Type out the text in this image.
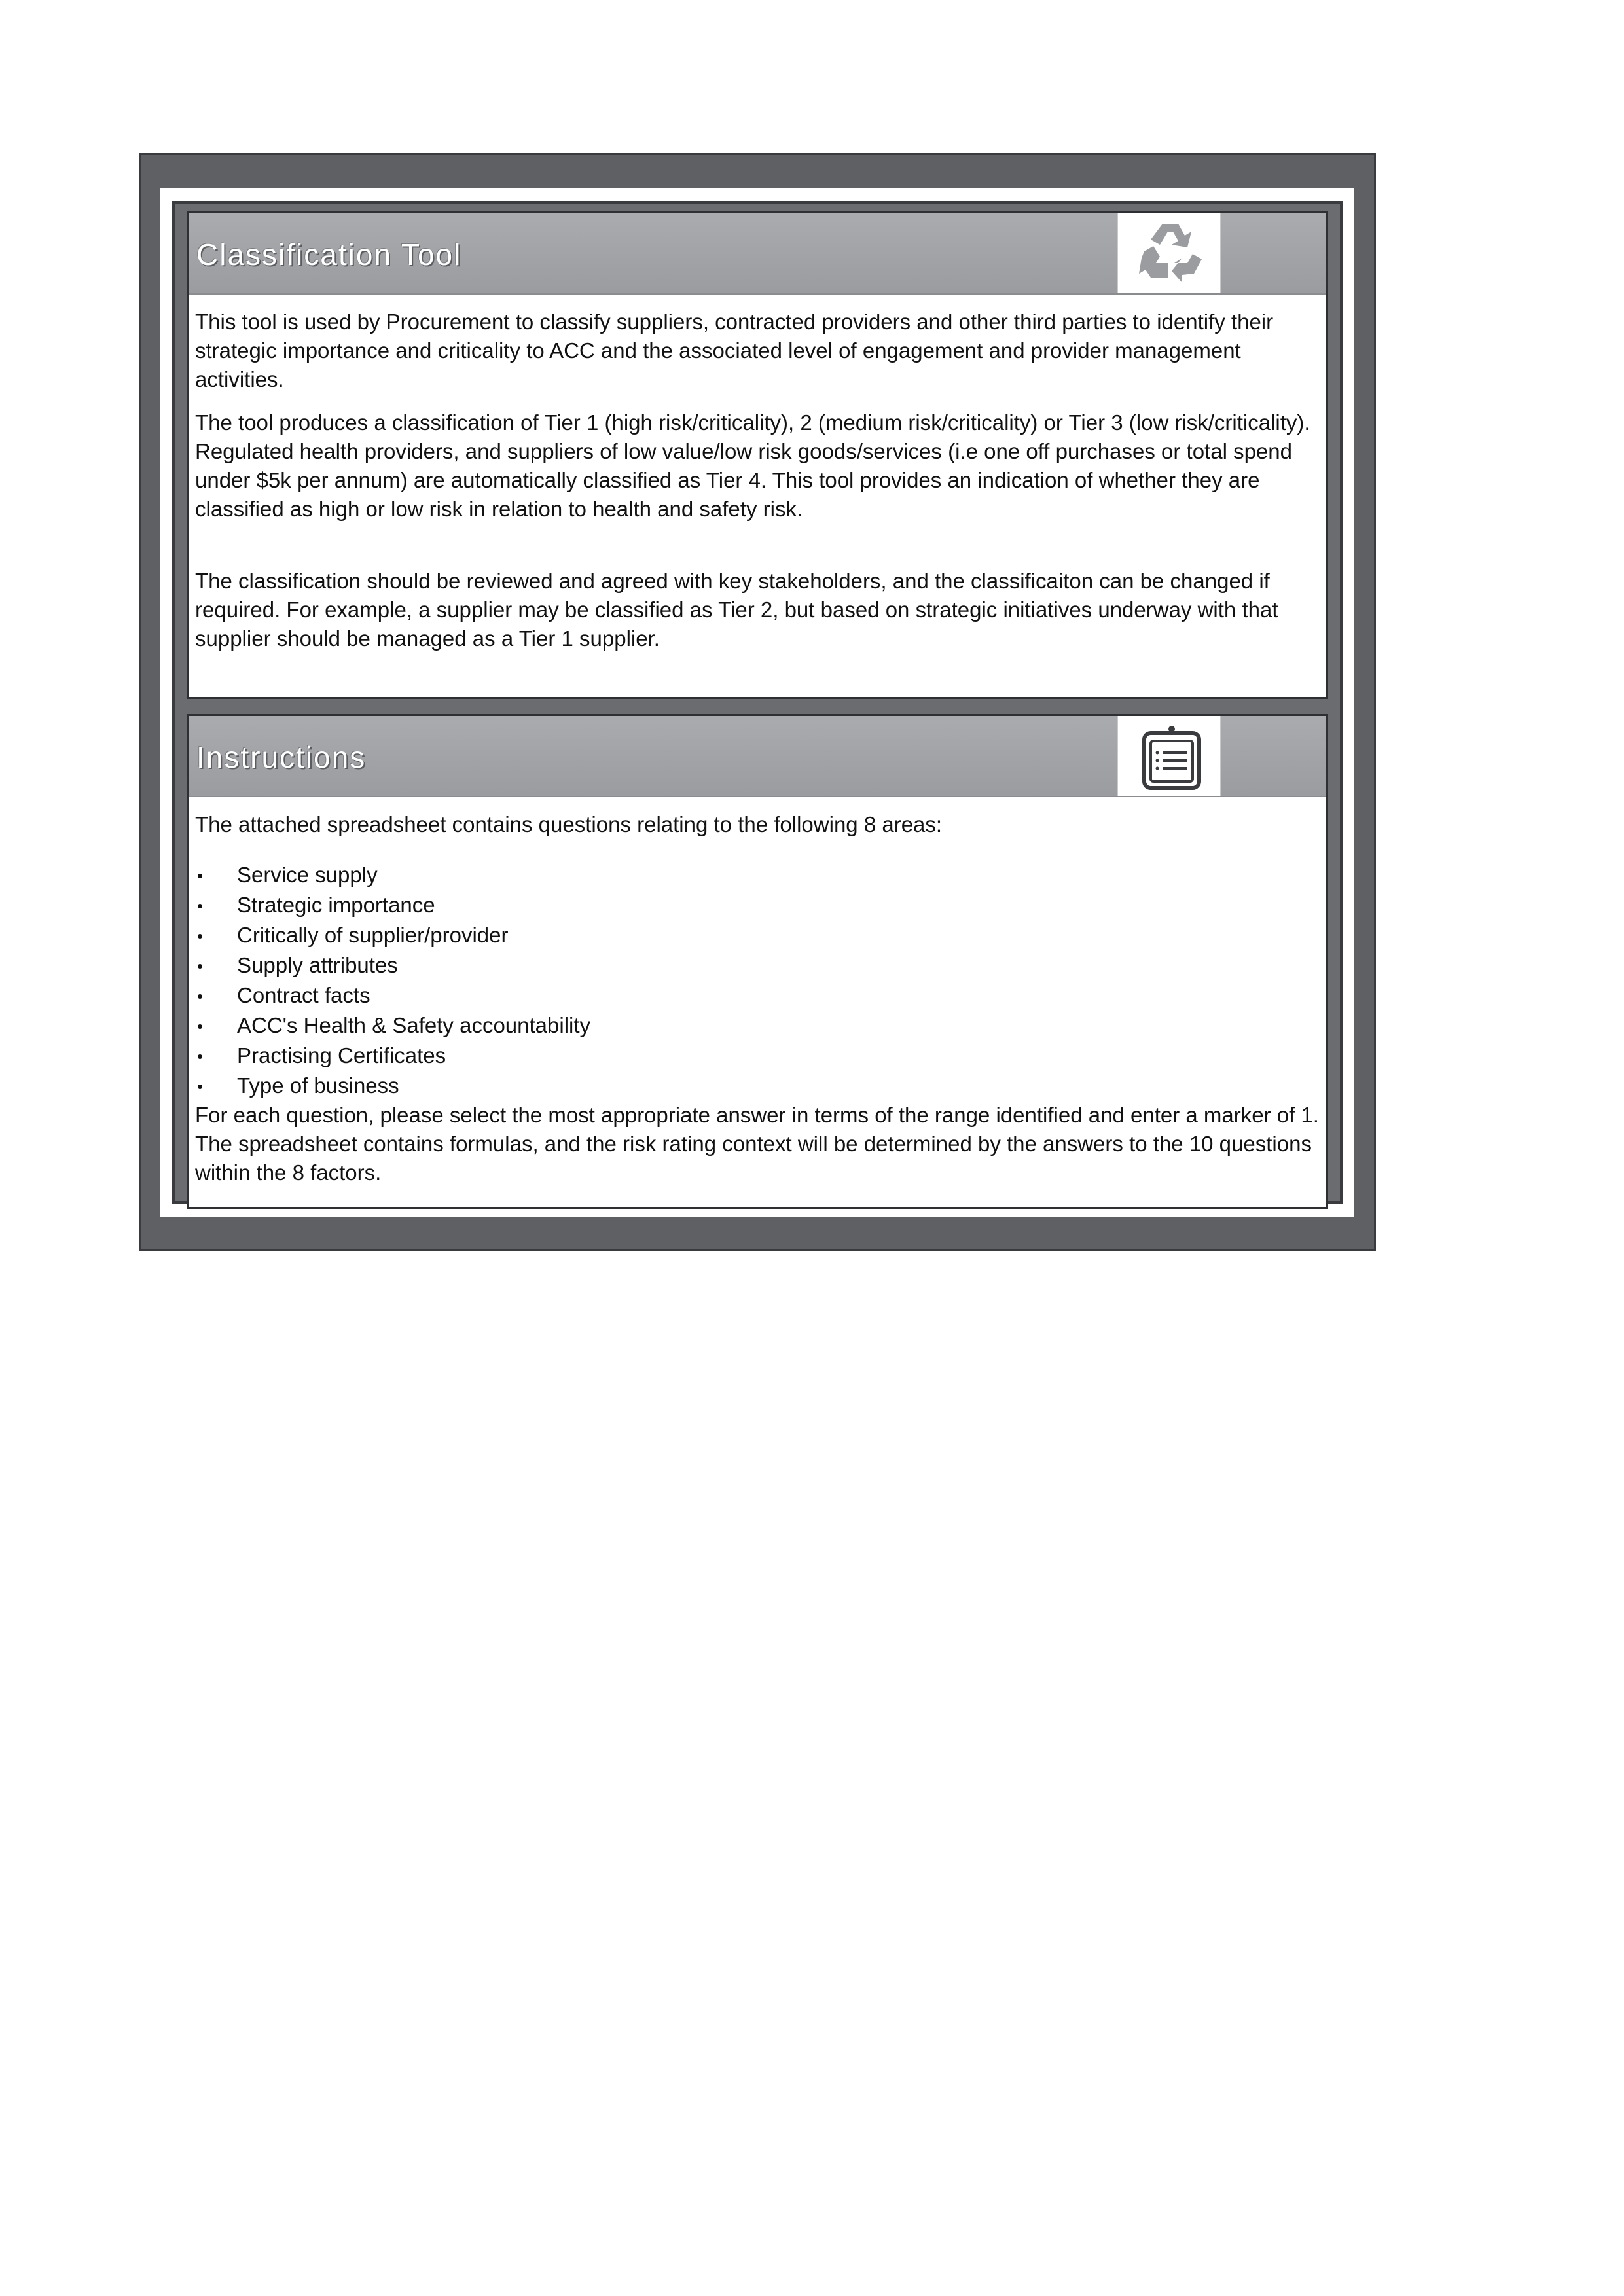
Classification Tool

This tool is used by Procurement to classify suppliers, contracted providers and other third parties to identify their strategic importance and criticality to ACC and the associated level of engagement and provider management activities.

The tool produces a classification of Tier 1 (high risk/criticality), 2 (medium risk/criticality) or Tier 3 (low risk/criticality). Regulated health providers, and suppliers of low value/low risk goods/services (i.e one off purchases or total spend under $5k per annum) are automatically classified as Tier 4. This tool provides an indication of whether they are classified as high or low risk in relation to health and safety risk.

The classification should be reviewed and agreed with key stakeholders, and the classificaiton can be changed if required. For example, a supplier may be classified as Tier 2, but based on strategic initiatives underway with that supplier should be managed as a Tier 1 supplier.

Instructions

The attached spreadsheet contains questions relating to the following 8 areas:

Service supply
Strategic importance
Critically of supplier/provider
Supply attributes
Contract facts
ACC's Health & Safety accountability
Practising Certificates
Type of business

For each question, please select the most appropriate answer in terms of the range identified and enter a marker of 1. The spreadsheet contains formulas, and the risk rating context will be determined by the answers to the 10 questions within the 8 factors.
